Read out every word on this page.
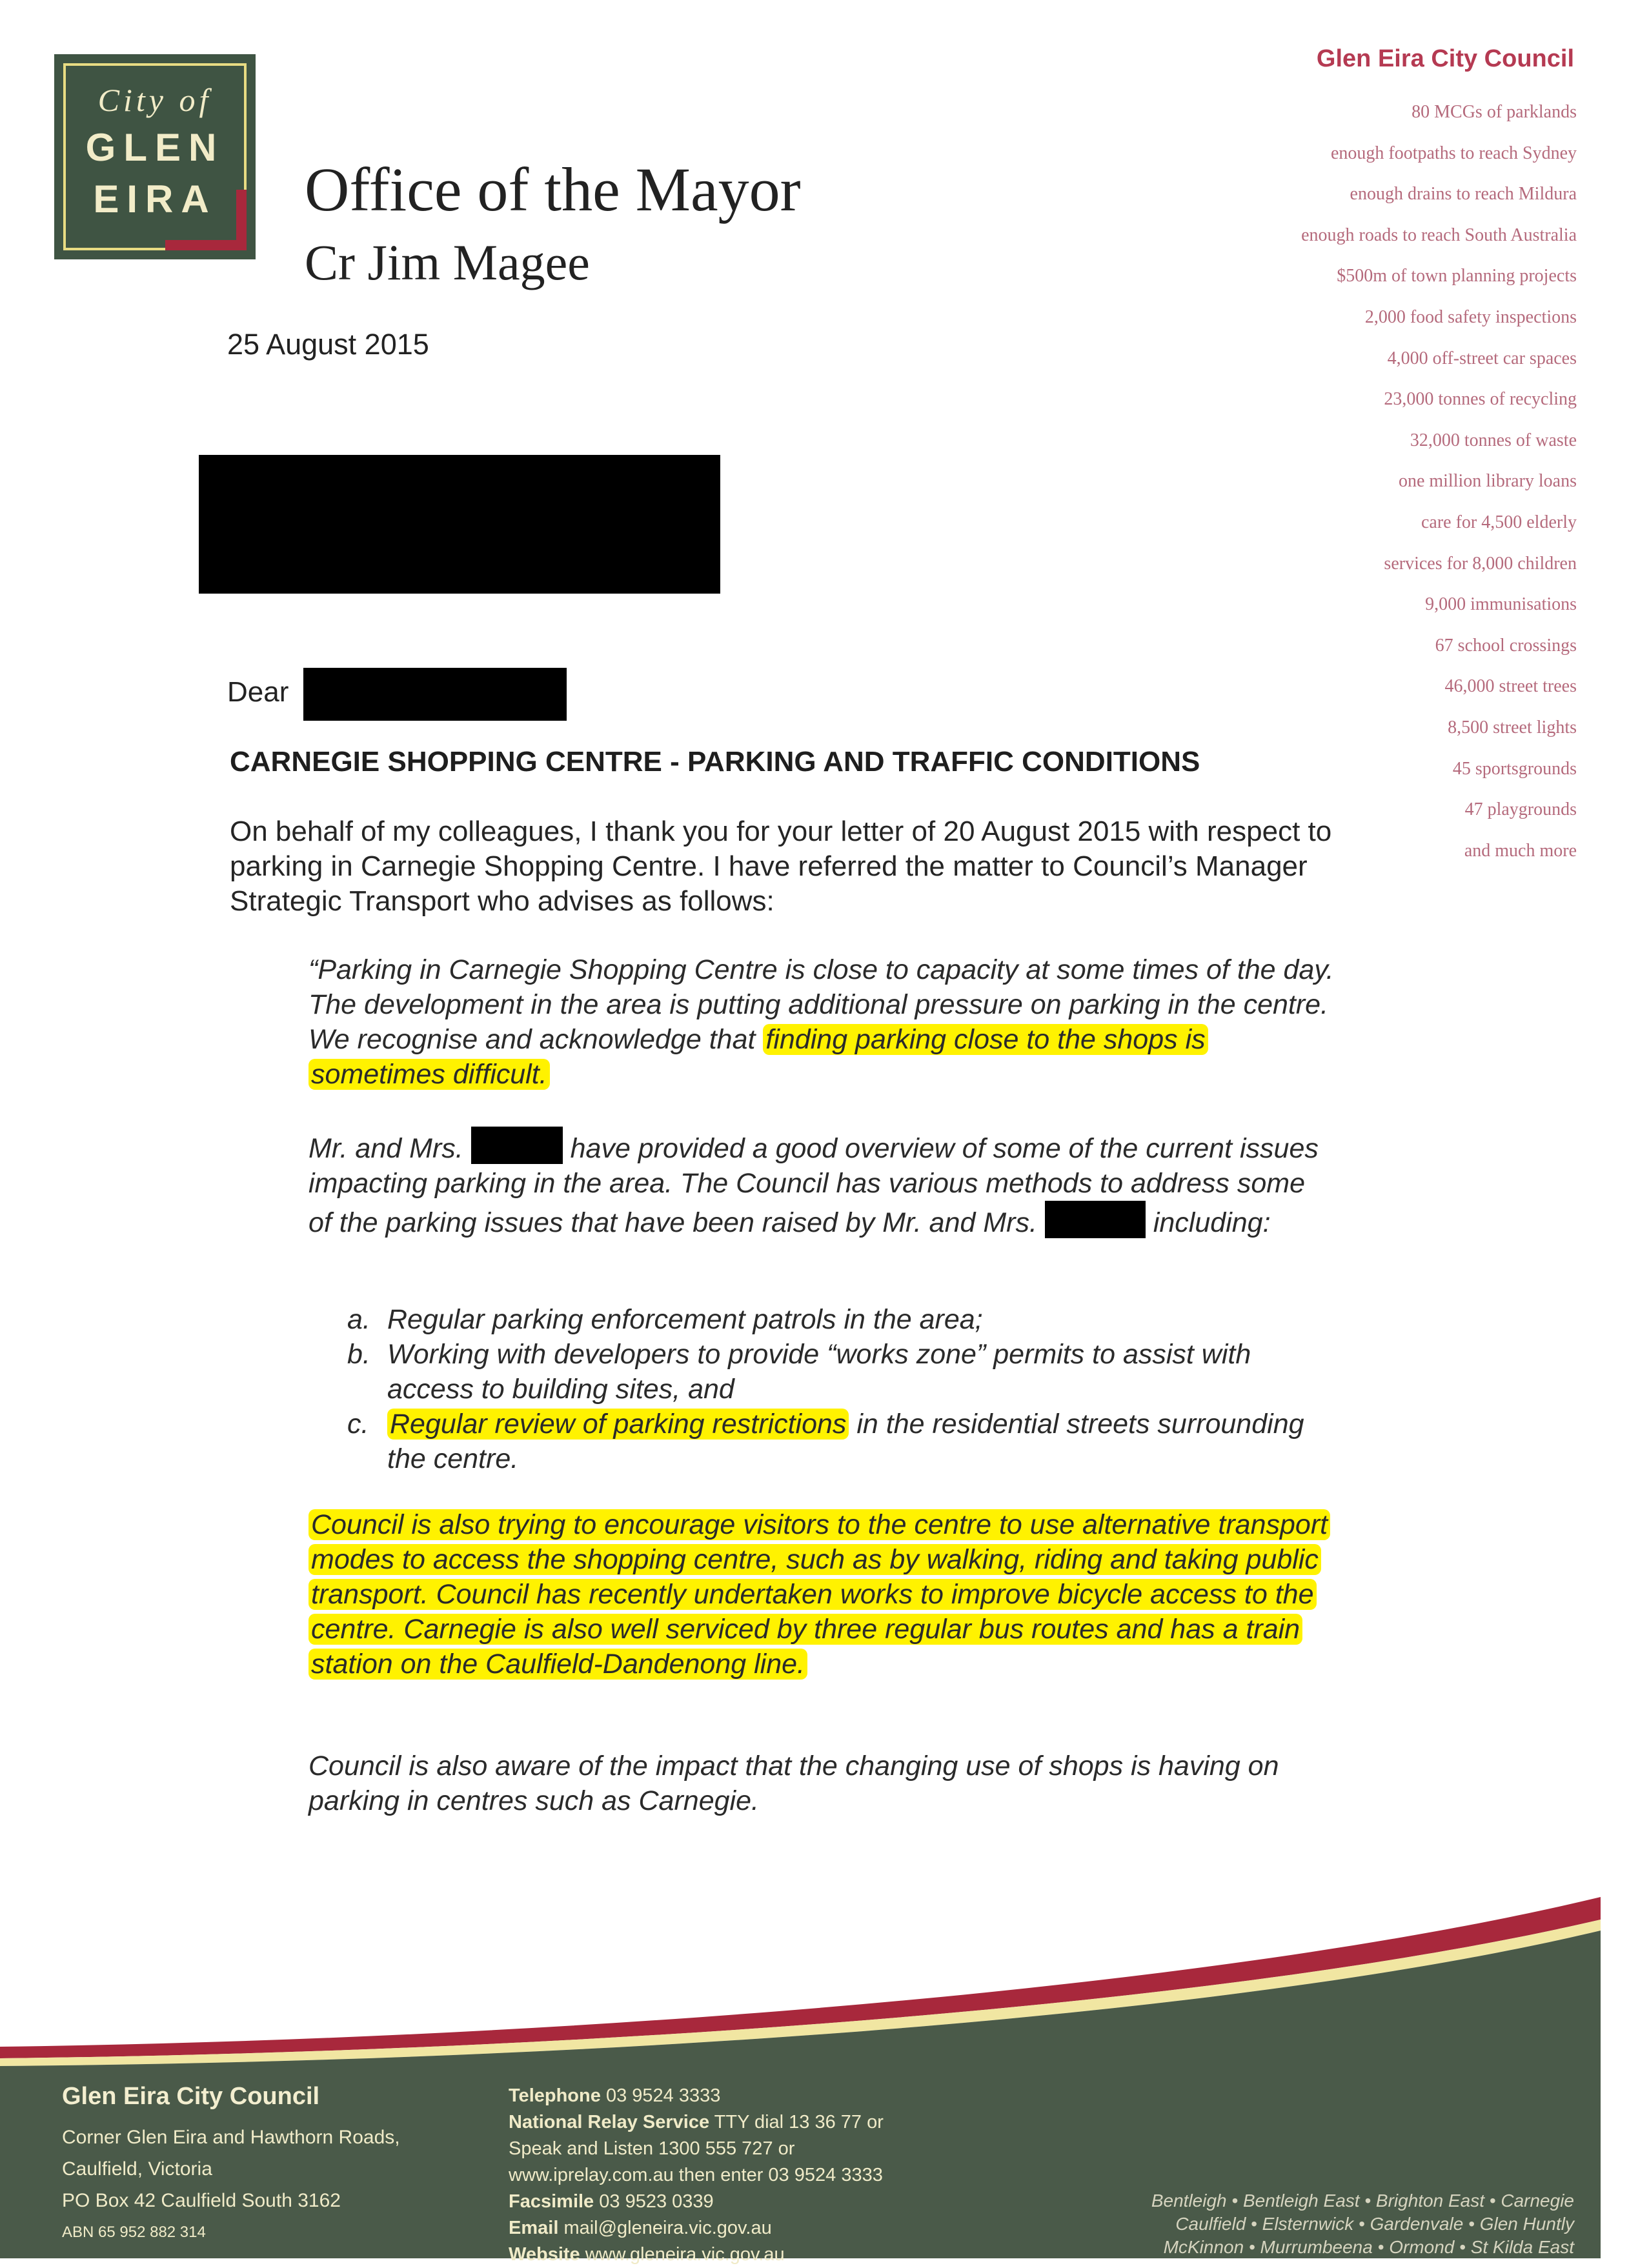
City of
GLEN
EIRA	Office of the Mayor
Cr Jim Magee
25 August 2015
Glen Eira City Council
80 MCGs of parklands
enough footpaths to reach Sydney
enough drains to reach Mildura
enough roads to reach South Australia
$500m of town planning projects
2,000 food safety inspections
4,000 off-street car spaces
23,000 tonnes of recycling
32,000 tonnes of waste
one million library loans
care for 4,500 elderly
services for 8,000 children
9,000 immunisations
67 school crossings
46,000 street trees
8,500 street lights
45 sportsgrounds
47 playgrounds
and much more
Dear
CARNEGIE SHOPPING CENTRE - PARKING AND TRAFFIC CONDITIONS
On behalf of my colleagues, I thank you for your letter of 20 August 2015 with respect to parking in Carnegie Shopping Centre. I have referred the matter to Council’s Manager Strategic Transport who advises as follows:
“Parking in Carnegie Shopping Centre is close to capacity at some times of the day. The development in the area is putting additional pressure on parking in the centre. We recognise and acknowledge that finding parking close to the shops is sometimes difficult.
Mr. and Mrs.	have provided a good overview of some of the current issues impacting parking in the area. The Council has various methods to address some of the parking issues that have been raised by Mr. and Mrs.	including:
a. Regular parking enforcement patrols in the area;
b. Working with developers to provide “works zone” permits to assist with access to building sites, and
c. Regular review of parking restrictions in the residential streets surrounding the centre.
Council is also trying to encourage visitors to the centre to use alternative transport modes to access the shopping centre, such as by walking, riding and taking public transport. Council has recently undertaken works to improve bicycle access to the centre. Carnegie is also well serviced by three regular bus routes and has a train station on the Caulfield-Dandenong line.
Council is also aware of the impact that the changing use of shops is having on parking in centres such as Carnegie.
Glen Eira City Council
Corner Glen Eira and Hawthorn Roads,
Caulfield, Victoria
PO Box 42 Caulfield South 3162
ABN 65 952 882 314
Telephone 03 9524 3333
National Relay Service TTY dial 13 36 77 or
Speak and Listen 1300 555 727 or
www.iprelay.com.au then enter 03 9524 3333
Facsimile 03 9523 0339
Email mail@gleneira.vic.gov.au
Website www.gleneira.vic.gov.au
Bentleigh • Bentleigh East • Brighton East • Carnegie
Caulfield • Elsternwick • Gardenvale • Glen Huntly
McKinnon • Murrumbeena • Ormond • St Kilda East
